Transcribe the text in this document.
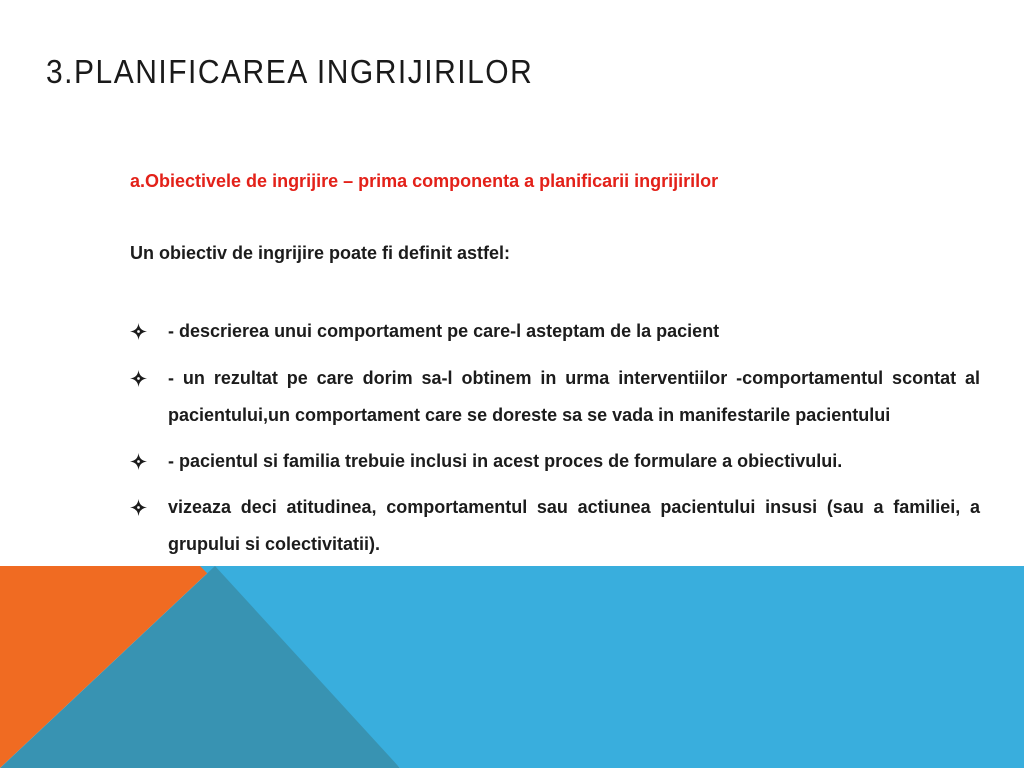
3.PLANIFICAREA INGRIJIRILOR

a.Obiectivele de ingrijire – prima componenta a planificarii ingrijirilor

Un obiectiv de ingrijire poate fi definit astfel:

- descrierea unui comportament pe care-l asteptam de la pacient
- un rezultat pe care dorim sa-l obtinem in urma interventiilor -comportamentul scontat al pacientului,un comportament care se doreste sa se vada in manifestarile pacientului
- pacientul si familia trebuie inclusi in acest proces de formulare a obiectivului.
vizeaza deci atitudinea, comportamentul sau actiunea pacientului insusi (sau a familiei, a grupului si colectivitatii).
